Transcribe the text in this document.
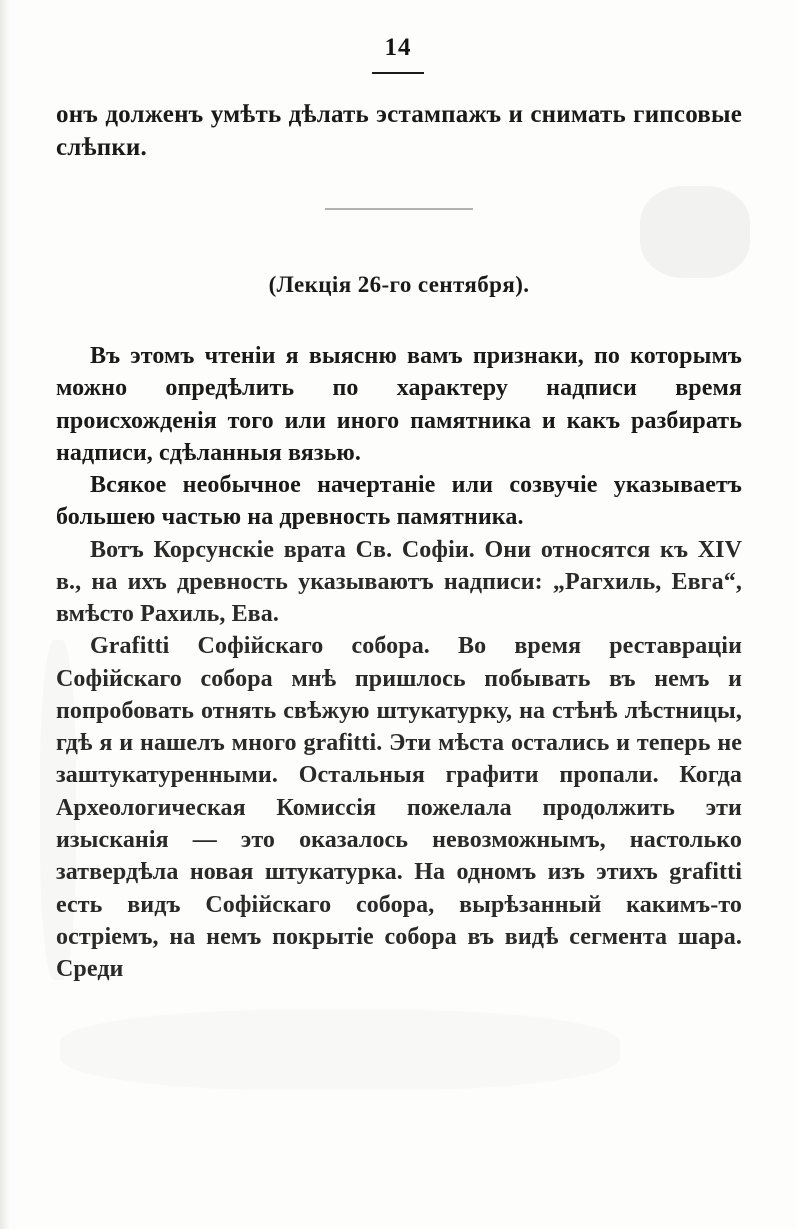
14

онъ долженъ умѣть дѣлать эстампажъ и снимать гипсовые слѣпки.

(Лекція 26-го сентября).

Въ этомъ чтеніи я выясню вамъ признаки, по которымъ можно опредѣлить по характеру надписи время происхожденія того или иного памятника и какъ разбирать надписи, сдѣланныя вязью.

Всякое необычное начертаніе или созвучіе указываетъ большею частью на древность памятника.

Вотъ Корсунскіе врата Св. Софіи. Они относятся къ XIV в., на ихъ древность указываютъ надписи: „Рагхиль, Евга“, вмѣсто Рахиль, Ева.

Grafitti Софійскаго собора. Во время реставраціи Софійскаго собора мнѣ пришлось побывать въ немъ и попробовать отнять свѣжую штукатурку, на стѣнѣ лѣстницы, гдѣ я и нашелъ много grafitti. Эти мѣста остались и теперь не заштукатуренными. Остальныя графити пропали. Когда Археологическая Комиссія пожелала продолжить эти изысканія — это оказалось невозможнымъ, настолько затвердѣла новая штукатурка. На одномъ изъ этихъ grafitti есть видъ Софійскаго собора, вырѣзанный какимъ-то остріемъ, на немъ покрытіе собора въ видѣ сегмента шара. Среди
